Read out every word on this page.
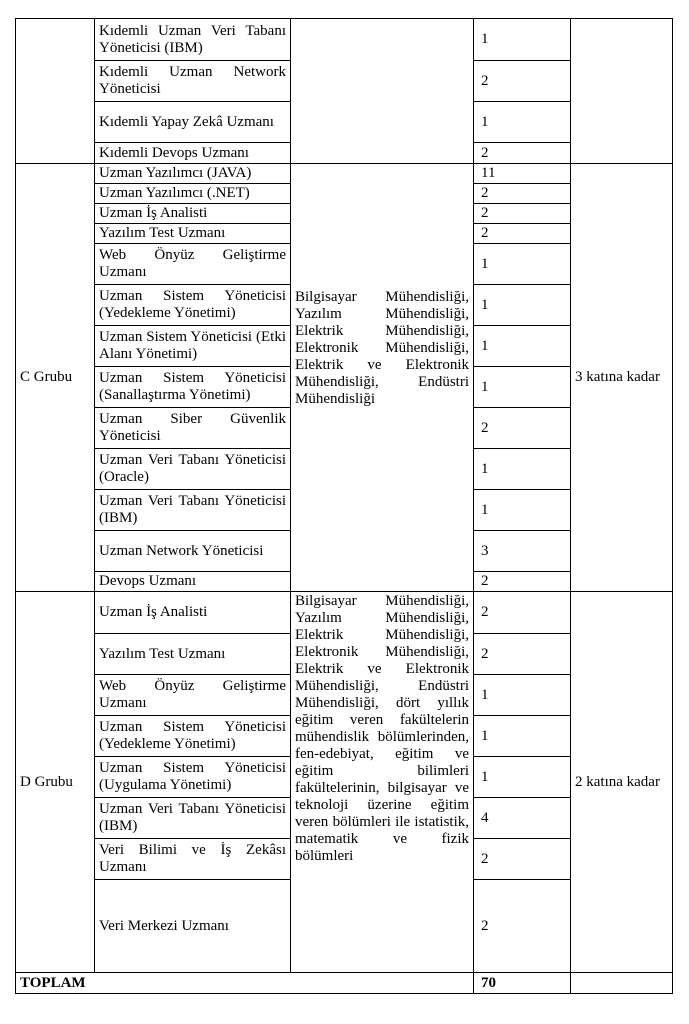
	Kıdemli Uzman Veri Tabanı Yöneticisi (IBM)		1	
	Kıdemli Uzman Network Yöneticisi		2	
	Kıdemli Yapay Zekâ Uzmanı		1	
	Kıdemli Devops Uzmanı		2	
C Grubu	Uzman Yazılımcı (JAVA)	Bilgisayar Mühendisliği, Yazılım Mühendisliği, Elektrik Mühendisliği, Elektronik Mühendisliği, Elektrik ve Elektronik Mühendisliği, Endüstri Mühendisliği	11	3 katına kadar
	Uzman Yazılımcı (.NET)		2	
	Uzman İş Analisti		2	
	Yazılım Test Uzmanı		2	
	Web Önyüz Geliştirme Uzmanı		1	
	Uzman Sistem Yöneticisi (Yedekleme Yönetimi)		1	
	Uzman Sistem Yöneticisi (Etki Alanı Yönetimi)		1	
	Uzman Sistem Yöneticisi (Sanallaştırma Yönetimi)		1	
	Uzman Siber Güvenlik Yöneticisi		2	
	Uzman Veri Tabanı Yöneticisi (Oracle)		1	
	Uzman Veri Tabanı Yöneticisi (IBM)		1	
	Uzman Network Yöneticisi		3	
	Devops Uzmanı		2	
D Grubu	Uzman İş Analisti	Bilgisayar Mühendisliği, Yazılım Mühendisliği, Elektrik Mühendisliği, Elektronik Mühendisliği, Elektrik ve Elektronik Mühendisliği, Endüstri Mühendisliği, dört yıllık eğitim veren fakültelerin mühendislik bölümlerinden, fen-edebiyat, eğitim ve eğitim bilimleri fakültelerinin, bilgisayar ve teknoloji üzerine eğitim veren bölümleri ile istatistik, matematik ve fizik bölümleri	2	2 katına kadar
	Yazılım Test Uzmanı		2	
	Web Önyüz Geliştirme Uzmanı		1	
	Uzman Sistem Yöneticisi (Yedekleme Yönetimi)		1	
	Uzman Sistem Yöneticisi (Uygulama Yönetimi)		1	
	Uzman Veri Tabanı Yöneticisi (IBM)		4	
	Veri Bilimi ve İş Zekâsı Uzmanı		2	
	Veri Merkezi Uzmanı		2	
TOPLAM			70	
